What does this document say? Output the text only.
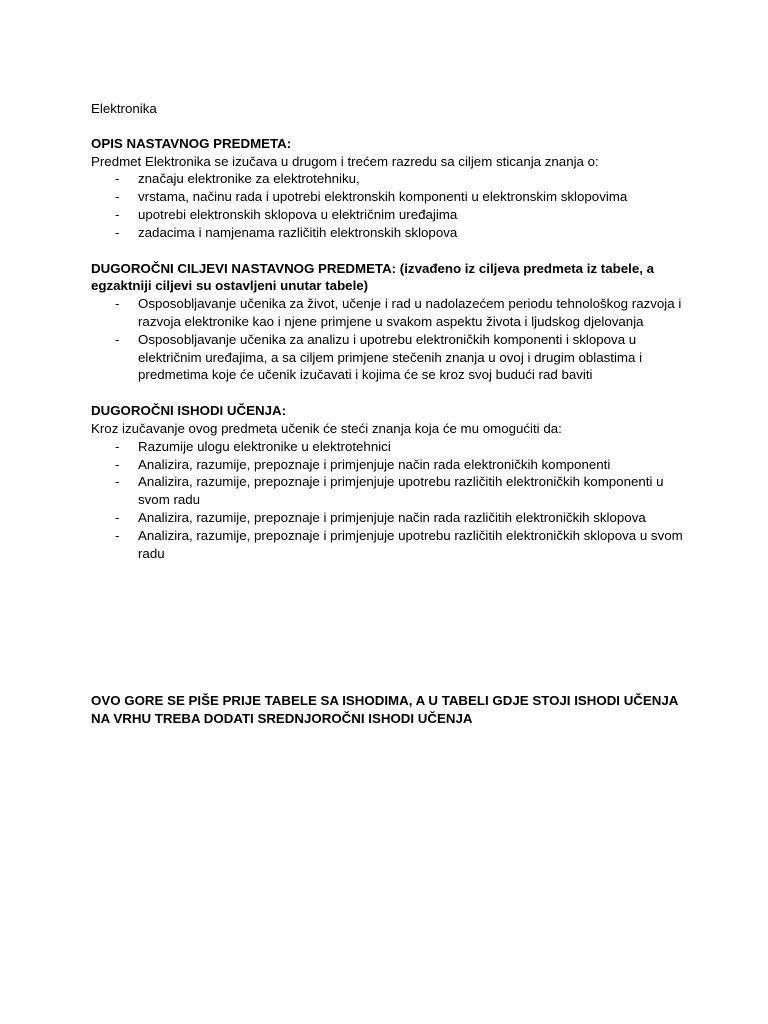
Elektronika
OPIS NASTAVNOG PREDMETA:
Predmet Elektronika se izučava u drugom i trećem razredu sa ciljem sticanja znanja o:
- značaju elektronike za elektrotehniku,
- vrstama, načinu rada i upotrebi elektronskih komponenti u elektronskim sklopovima
- upotrebi elektronskih sklopova u električnim uređajima
- zadacima i namjenama različitih elektronskih sklopova
DUGOROČNI CILJEVI NASTAVNOG PREDMETA: (izvađeno iz ciljeva predmeta iz tabele, a egzaktniji ciljevi su ostavljeni unutar tabele)
- Osposobljavanje učenika za život, učenje i rad u nadolazećem periodu tehnološkog razvoja i razvoja elektronike kao i njene primjene u svakom aspektu života i ljudskog djelovanja
- Osposobljavanje učenika za analizu i upotrebu elektroničkih komponenti i sklopova u električnim uređajima, a sa ciljem primjene stečenih znanja u ovoj i drugim oblastima i predmetima koje će učenik izučavati i kojima će se kroz svoj budući rad baviti
DUGOROČNI ISHODI UČENJA:
Kroz izučavanje ovog predmeta učenik će steći znanja koja će mu omogućiti da:
- Razumije ulogu elektronike u elektrotehnici
- Analizira, razumije, prepoznaje i primjenjuje način rada elektroničkih komponenti
- Analizira, razumije, prepoznaje i primjenjuje upotrebu različitih elektroničkih komponenti u svom radu
- Analizira, razumije, prepoznaje i primjenjuje način rada različitih elektroničkih sklopova
- Analizira, razumije, prepoznaje i primjenjuje upotrebu različitih elektroničkih sklopova u svom radu
OVO GORE SE PIŠE PRIJE TABELE SA ISHODIMA, A U TABELI GDJE STOJI ISHODI UČENJA NA VRHU TREBA DODATI SREDNJOROČNI ISHODI UČENJA
